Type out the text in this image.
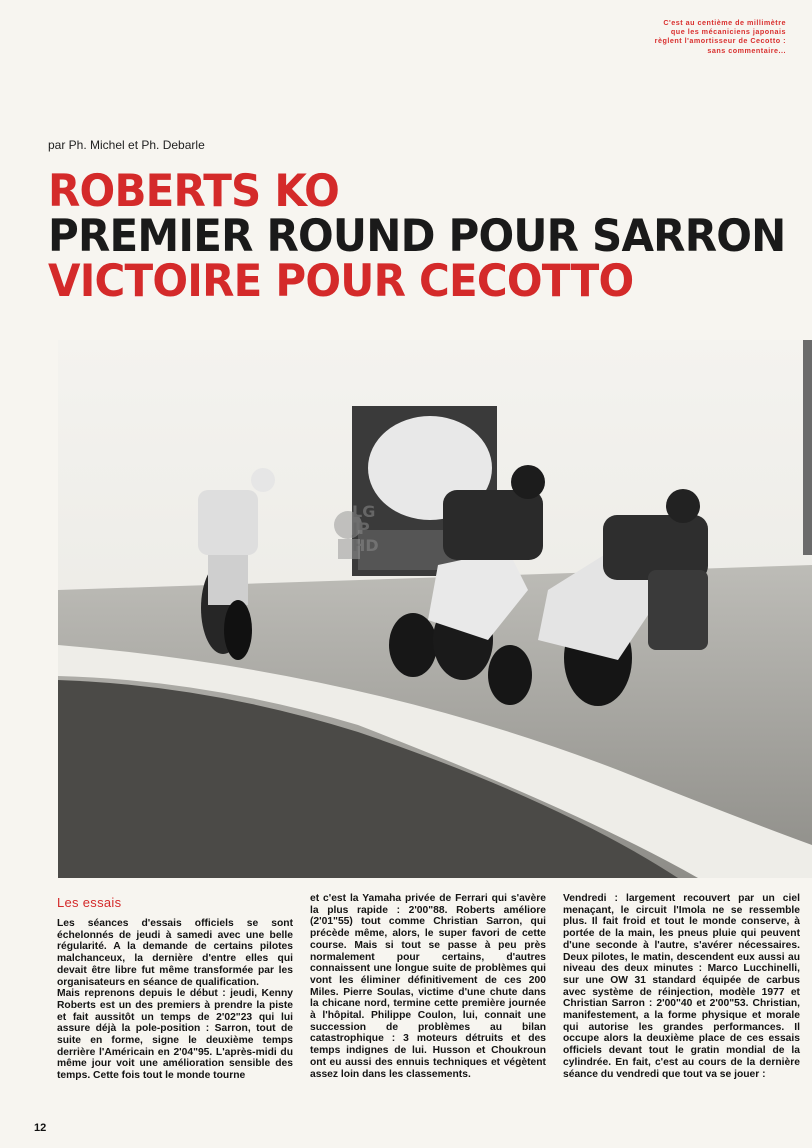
C'est au centième de millimètre
que les mécaniciens japonais
règlent l'amortisseur de Cecotto :
sans commentaire...
par Ph. Michel et Ph. Debarle
ROBERTS KO
PREMIER ROUND POUR SARRON
VICTOIRE POUR CECOTTO
LG
JP
HD
Les essais

Les séances d'essais officiels se sont échelonnés de jeudi à samedi avec une belle régularité. A la demande de certains pilotes malchanceux, la dernière d'entre elles qui devait être libre fut même transformée par les organisateurs en séance de qualification.

Mais reprenons depuis le début : jeudi, Kenny Roberts est un des premiers à prendre la piste et fait aussitôt un temps de 2'02"23 qui lui assure déjà la pole-position : Sarron, tout de suite en forme, signe le deuxième temps derrière l'Américain en 2'04"95. L'après-midi du même jour voit une amélioration sensible des temps. Cette fois tout le monde tourne

et c'est la Yamaha privée de Ferrari qui s'avère la plus rapide : 2'00"88. Roberts améliore (2'01"55) tout comme Christian Sarron, qui précède même, alors, le super favori de cette course. Mais si tout se passe à peu près normalement pour certains, d'autres connaissent une longue suite de problèmes qui vont les éliminer définitivement de ces 200 Miles. Pierre Soulas, victime d'une chute dans la chicane nord, termine cette première journée à l'hôpital. Philippe Coulon, lui, connait une succession de problèmes au bilan catastrophique : 3 moteurs détruits et des temps indignes de lui. Husson et Choukroun ont eu aussi des ennuis techniques et végètent assez loin dans les classements.

Vendredi : largement recouvert par un ciel menaçant, le circuit l'Imola ne se ressemble plus. Il fait froid et tout le monde conserve, à portée de la main, les pneus pluie qui peuvent d'une seconde à l'autre, s'avérer nécessaires. Deux pilotes, le matin, descendent eux aussi au niveau des deux minutes : Marco Lucchinelli, sur une OW 31 standard équipée de carbus avec système de réinjection, modèle 1977 et Christian Sarron : 2'00"40 et 2'00"53. Christian, manifestement, a la forme physique et morale qui autorise les grandes performances. Il occupe alors la deuxième place de ces essais officiels devant tout le gratin mondial de la cylindrée. En fait, c'est au cours de la dernière séance du vendredi que tout va se jouer :

12
